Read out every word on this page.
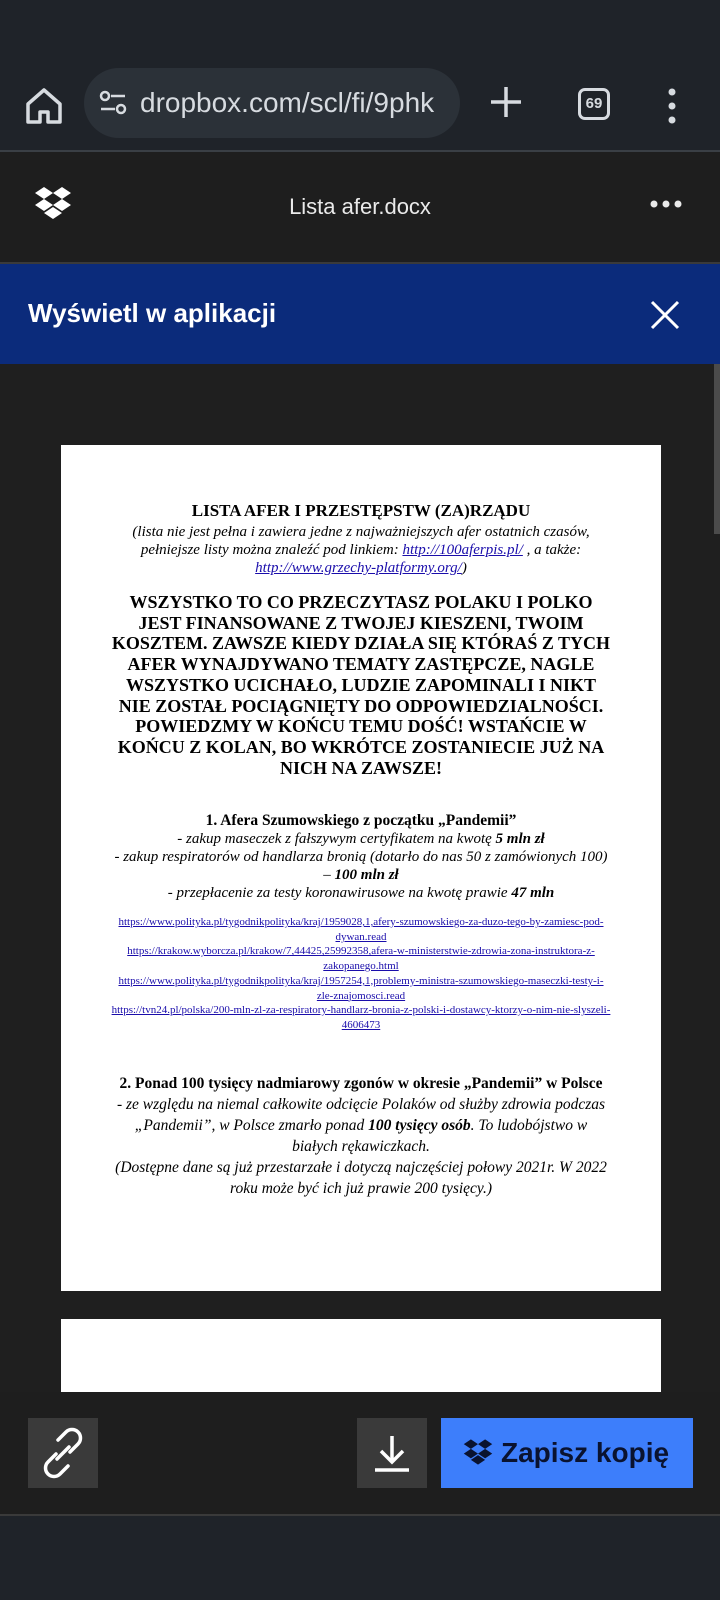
dropbox.com/scl/fi/9phk	69
Lista afer.docx
Wyświetl w aplikacji
LISTA AFER I PRZESTĘPSTW (ZA)RZĄDU
(lista nie jest pełna i zawiera jedne z najważniejszych afer ostatnich czasów, pełniejsze listy można znaleźć pod linkiem: http://100aferpis.pl/ , a także: http://www.grzechy-platformy.org/)
WSZYSTKO TO CO PRZECZYTASZ POLAKU I POLKO JEST FINANSOWANE Z TWOJEJ KIESZENI, TWOIM KOSZTEM. ZAWSZE KIEDY DZIAŁA SIĘ KTÓRAŚ Z TYCH AFER WYNAJDYWANO TEMATY ZASTĘPCZE, NAGLE WSZYSTKO UCICHAŁO, LUDZIE ZAPOMINALI I NIKT NIE ZOSTAŁ POCIĄGNIĘTY DO ODPOWIEDZIALNOŚCI. POWIEDZMY W KOŃCU TEMU DOŚĆ! WSTAŃCIE W KOŃCU Z KOLAN, BO WKRÓTCE ZOSTANIECIE JUŻ NA NICH NA ZAWSZE!
1. Afera Szumowskiego z początku „Pandemii”
- zakup maseczek z fałszywym certyfikatem na kwotę 5 mln zł
- zakup respiratorów od handlarza bronią (dotarło do nas 50 z zamówionych 100) – 100 mln zł
- przepłacenie za testy koronawirusowe na kwotę prawie 47 mln
https://www.polityka.pl/tygodnikpolityka/kraj/1959028,1,afery-szumowskiego-za-duzo-tego-by-zamiesc-pod-dywan.read
https://krakow.wyborcza.pl/krakow/7,44425,25992358,afera-w-ministerstwie-zdrowia-zona-instruktora-z-zakopanego.html
https://www.polityka.pl/tygodnikpolityka/kraj/1957254,1,problemy-ministra-szumowskiego-maseczki-testy-i-zle-znajomosci.read
https://tvn24.pl/polska/200-mln-zl-za-respiratory-handlarz-bronia-z-polski-i-dostawcy-ktorzy-o-nim-nie-slyszeli-4606473
2. Ponad 100 tysięcy nadmiarowy zgonów w okresie „Pandemii” w Polsce
- ze względu na niemal całkowite odcięcie Polaków od służby zdrowia podczas „Pandemii”, w Polsce zmarło ponad 100 tysięcy osób. To ludobójstwo w białych rękawiczkach.
(Dostępne dane są już przestarzałe i dotyczą najczęściej połowy 2021r. W 2022 roku może być ich już prawie 200 tysięcy.)
Zapisz kopię
